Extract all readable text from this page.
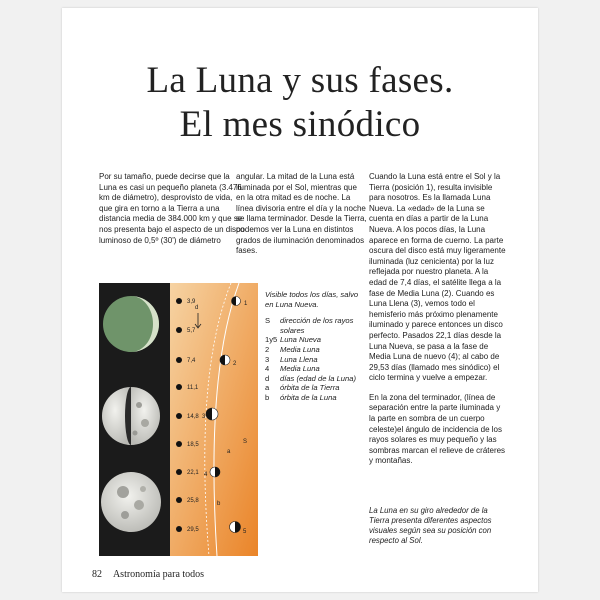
La Luna y sus fases.
El mes sinódico

Por su tamaño, puede decirse que la Luna es casi un pequeño planeta (3.476 km de diámetro), desprovisto de vida, que gira en torno a la Tierra a una distancia media de 384.000 km y que se nos presenta bajo el aspecto de un disco luminoso de 0,5º (30') de diámetro

angular. La mitad de la Luna está iluminada por el Sol, mientras que en la otra mitad es de noche. La línea divisoria entre el día y la noche se llama terminador. Desde la Tierra, podemos ver la Luna en distintos grados de iluminación denominados fases.

Cuando la Luna está entre el Sol y la Tierra (posición 1), resulta invisible para nosotros. Es la llamada Luna Nueva. La «edad» de la Luna se cuenta en días a partir de la Luna Nueva. A los pocos días, la Luna aparece en forma de cuerno. La parte oscura del disco está muy ligeramente iluminada (luz cenicienta) por la luz reflejada por nuestro planeta. A la edad de 7,4 días, el satélite llega a la fase de Media Luna (2). Cuando es Luna Llena (3), vemos todo el hemisferio más próximo plenamente iluminado y parece entonces un disco perfecto. Pasados 22,1 días desde la Luna Nueva, se pasa a la fase de Media Luna de nuevo (4); al cabo de 29,53 días (llamado mes sinódico) el ciclo termina y vuelve a empezar.

En la zona del terminador, (línea de separación entre la parte iluminada y la parte en sombra de un cuerpo celeste)el ángulo de incidencia de los rayos solares es muy pequeño y las sombras marcan el relieve de cráteres y montañas.

3,9
5,7
7,4
11,1
14,8
18,5
22,1
25,8
29,5
1
2
3
4
5
S
a
b
d
Visible todos los días, salvo en Luna Nueva.
S	dirección de los rayos solares
1y5 Luna Nueva
2	Media Luna
3	Luna Llena
4	Media Luna
d	días (edad de la Luna)
a	órbita de la Tierra
b	órbita de la Luna
La Luna en su giro alrededor de la Tierra presenta diferentes aspectos visuales según sea su posición con respecto al Sol.
82 Astronomía para todos
